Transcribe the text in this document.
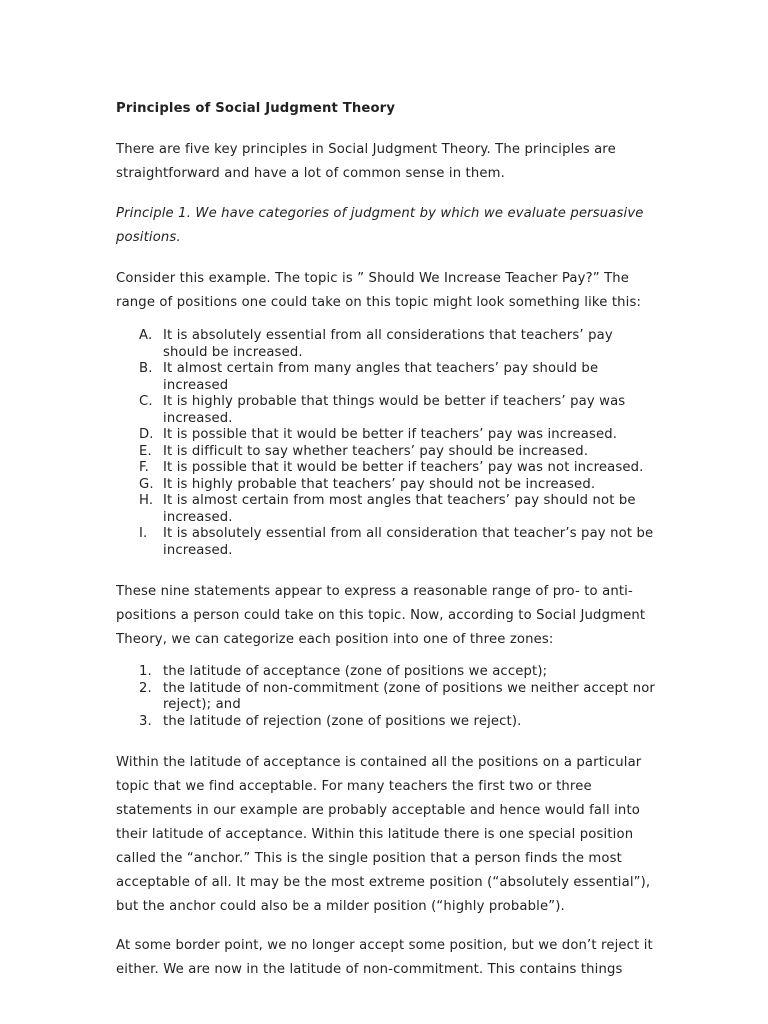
Principles of Social Judgment Theory

There are five key principles in Social Judgment Theory. The principles are straightforward and have a lot of common sense in them.

Principle 1. We have categories of judgment by which we evaluate persuasive positions.

Consider this example. The topic is ” Should We Increase Teacher Pay?” The range of positions one could take on this topic might look something like this:

A. It is absolutely essential from all considerations that teachers’ pay should be increased.
B. It almost certain from many angles that teachers’ pay should be increased
C. It is highly probable that things would be better if teachers’ pay was increased.
D. It is possible that it would be better if teachers’ pay was increased.
E. It is difficult to say whether teachers’ pay should be increased.
F. It is possible that it would be better if teachers’ pay was not increased.
G. It is highly probable that teachers’ pay should not be increased.
H. It is almost certain from most angles that teachers’ pay should not be increased.
I. It is absolutely essential from all consideration that teacher’s pay not be increased.

These nine statements appear to express a reasonable range of pro- to anti-positions a person could take on this topic. Now, according to Social Judgment Theory, we can categorize each position into one of three zones:

1. the latitude of acceptance (zone of positions we accept);
2. the latitude of non-commitment (zone of positions we neither accept nor reject); and
3. the latitude of rejection (zone of positions we reject).

Within the latitude of acceptance is contained all the positions on a particular topic that we find acceptable. For many teachers the first two or three statements in our example are probably acceptable and hence would fall into their latitude of acceptance. Within this latitude there is one special position called the “anchor.” This is the single position that a person finds the most acceptable of all. It may be the most extreme position (“absolutely essential”), but the anchor could also be a milder position (“highly probable”).

At some border point, we no longer accept some position, but we don’t reject it either. We are now in the latitude of non-commitment. This contains things
